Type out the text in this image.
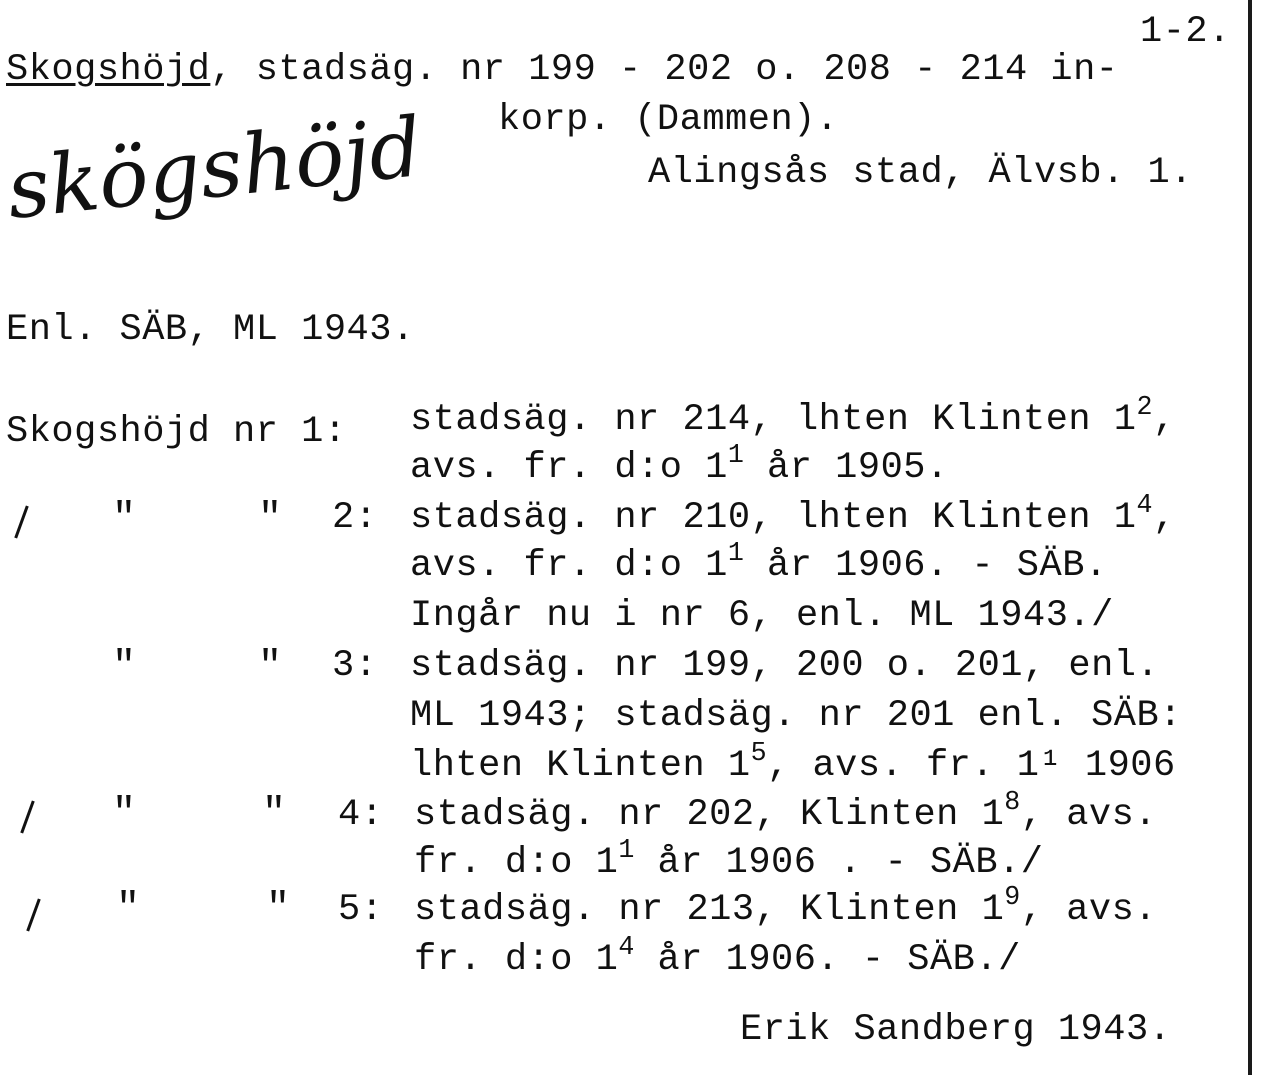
1-2.
Skogshöjd, stadsäg. nr 199 - 202 o. 208 - 214 in-
korp. (Dammen).
Alingsås stad, Älvsb. 1.
skögshöjd
Enl. SÄB, ML 1943.
Skogshöjd nr 1: stadsäg. nr 214, lhten Klinten $1^2$,
avs. fr. d:o $1^1$ år 1905.
"	" 2: stadsäg. nr 210, lhten Klinten $1^4$,
avs. fr. d:o $1^1$ år 1906. - SÄB.
Ingår nu i nr 6, enl. ML 1943./
"	" 3: stadsäg. nr 199, 200 o. 201, enl.
ML 1943; stadsäg. nr 201 enl. SÄB:
lhten Klinten $1^5$, avs. fr. 1¹ 1906
"	" 4: stadsäg. nr 202, Klinten $1^8$, avs.
fr. d:o $1^1$ år 1906 . - SÄB./
"	" 5: stadsäg. nr 213, Klinten $1^9$, avs.
fr. d:o $1^4$ år 1906. - SÄB./
Erik Sandberg 1943.
